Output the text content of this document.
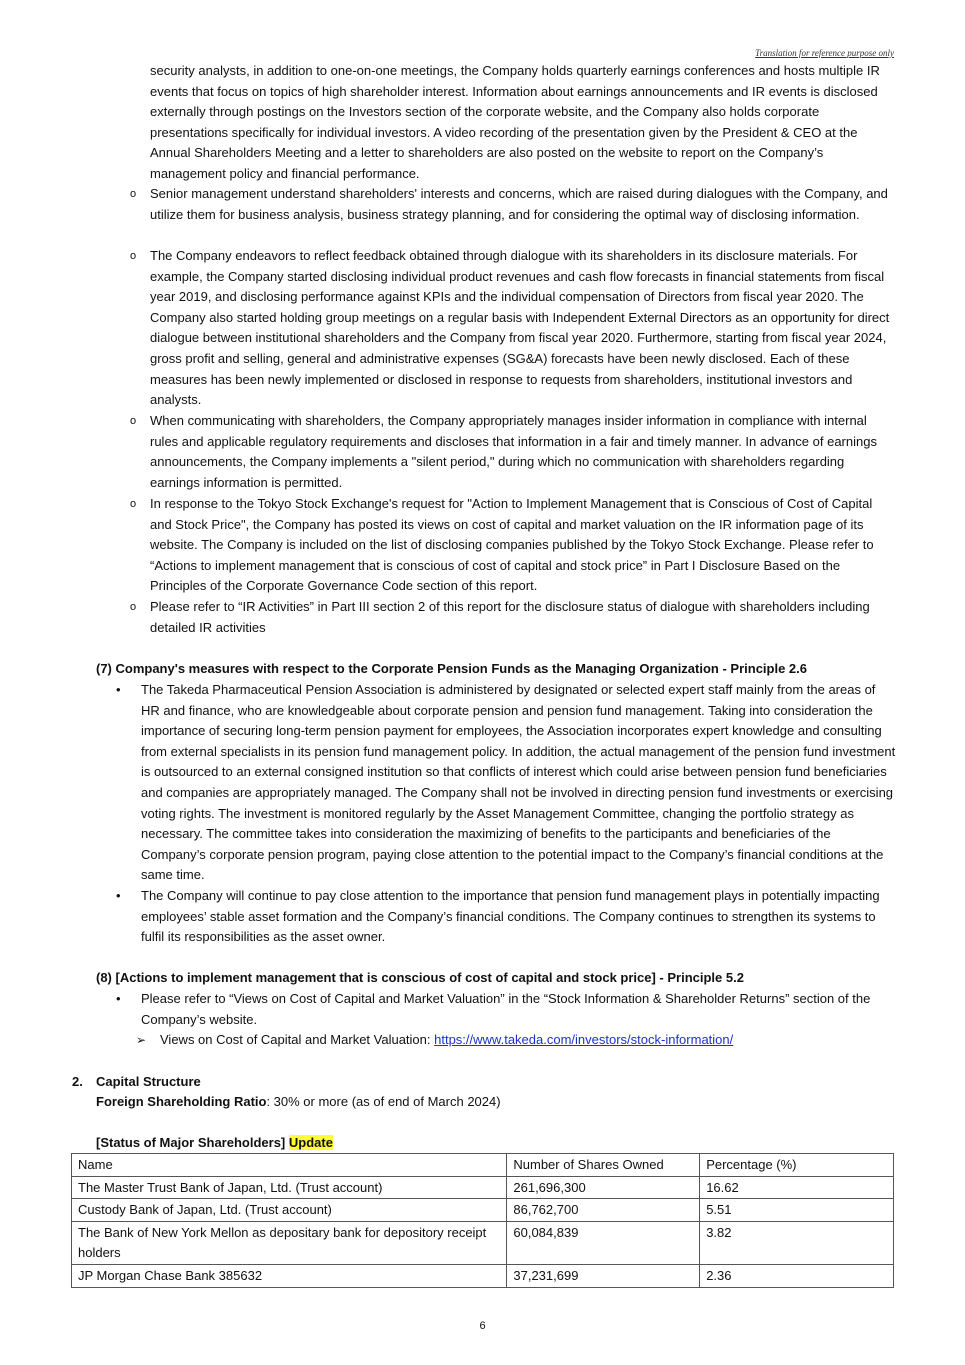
Translation for reference purpose only
security analysts, in addition to one-on-one meetings, the Company holds quarterly earnings conferences and hosts multiple IR events that focus on topics of high shareholder interest. Information about earnings announcements and IR events is disclosed externally through postings on the Investors section of the corporate website, and the Company also holds corporate presentations specifically for individual investors. A video recording of the presentation given by the President & CEO at the Annual Shareholders Meeting and a letter to shareholders are also posted on the website to report on the Company’s management policy and financial performance.
o Senior management understand shareholders' interests and concerns, which are raised during dialogues with the Company, and utilize them for business analysis, business strategy planning, and for considering the optimal way of disclosing information.
o The Company endeavors to reflect feedback obtained through dialogue with its shareholders in its disclosure materials. For example, the Company started disclosing individual product revenues and cash flow forecasts in financial statements from fiscal year 2019, and disclosing performance against KPIs and the individual compensation of Directors from fiscal year 2020. The Company also started holding group meetings on a regular basis with Independent External Directors as an opportunity for direct dialogue between institutional shareholders and the Company from fiscal year 2020. Furthermore, starting from fiscal year 2024, gross profit and selling, general and administrative expenses (SG&A) forecasts have been newly disclosed. Each of these measures has been newly implemented or disclosed in response to requests from shareholders, institutional investors and analysts.
o When communicating with shareholders, the Company appropriately manages insider information in compliance with internal rules and applicable regulatory requirements and discloses that information in a fair and timely manner. In advance of earnings announcements, the Company implements a "silent period," during which no communication with shareholders regarding earnings information is permitted.
o In response to the Tokyo Stock Exchange's request for "Action to Implement Management that is Conscious of Cost of Capital and Stock Price", the Company has posted its views on cost of capital and market valuation on the IR information page of its website. The Company is included on the list of disclosing companies published by the Tokyo Stock Exchange. Please refer to “Actions to implement management that is conscious of cost of capital and stock price” in Part I Disclosure Based on the Principles of the Corporate Governance Code section of this report.
o Please refer to “IR Activities” in Part III section 2 of this report for the disclosure status of dialogue with shareholders including detailed IR activities
(7) Company's measures with respect to the Corporate Pension Funds as the Managing Organization - Principle 2.6
• The Takeda Pharmaceutical Pension Association is administered by designated or selected expert staff mainly from the areas of HR and finance, who are knowledgeable about corporate pension and pension fund management. Taking into consideration the importance of securing long-term pension payment for employees, the Association incorporates expert knowledge and consulting from external specialists in its pension fund management policy. In addition, the actual management of the pension fund investment is outsourced to an external consigned institution so that conflicts of interest which could arise between pension fund beneficiaries and companies are appropriately managed. The Company shall not be involved in directing pension fund investments or exercising voting rights. The investment is monitored regularly by the Asset Management Committee, changing the portfolio strategy as necessary. The committee takes into consideration the maximizing of benefits to the participants and beneficiaries of the Company’s corporate pension program, paying close attention to the potential impact to the Company’s financial conditions at the same time.
• The Company will continue to pay close attention to the importance that pension fund management plays in potentially impacting employees’ stable asset formation and the Company’s financial conditions. The Company continues to strengthen its systems to fulfil its responsibilities as the asset owner.
(8) [Actions to implement management that is conscious of cost of capital and stock price] - Principle 5.2
• Please refer to “Views on Cost of Capital and Market Valuation” in the “Stock Information & Shareholder Returns” section of the Company’s website.
➢ Views on Cost of Capital and Market Valuation: https://www.takeda.com/investors/stock-information/
2. Capital Structure
Foreign Shareholding Ratio: 30% or more (as of end of March 2024)
[Status of Major Shareholders] Update
Name	Number of Shares Owned	Percentage (%)
The Master Trust Bank of Japan, Ltd. (Trust account)	261,696,300	16.62
Custody Bank of Japan, Ltd. (Trust account)	86,762,700	5.51
The Bank of New York Mellon as depositary bank for depository receipt holders	60,084,839	3.82
JP Morgan Chase Bank 385632	37,231,699	2.36
6
